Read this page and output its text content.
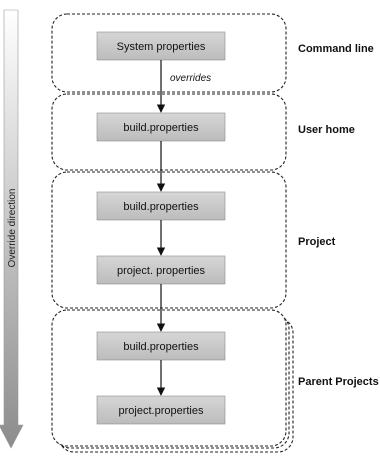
Override direction
System properties
build.properties
build.properties
project. properties
build.properties
project.properties
overrides
Command line
User home
Project
Parent Projects
